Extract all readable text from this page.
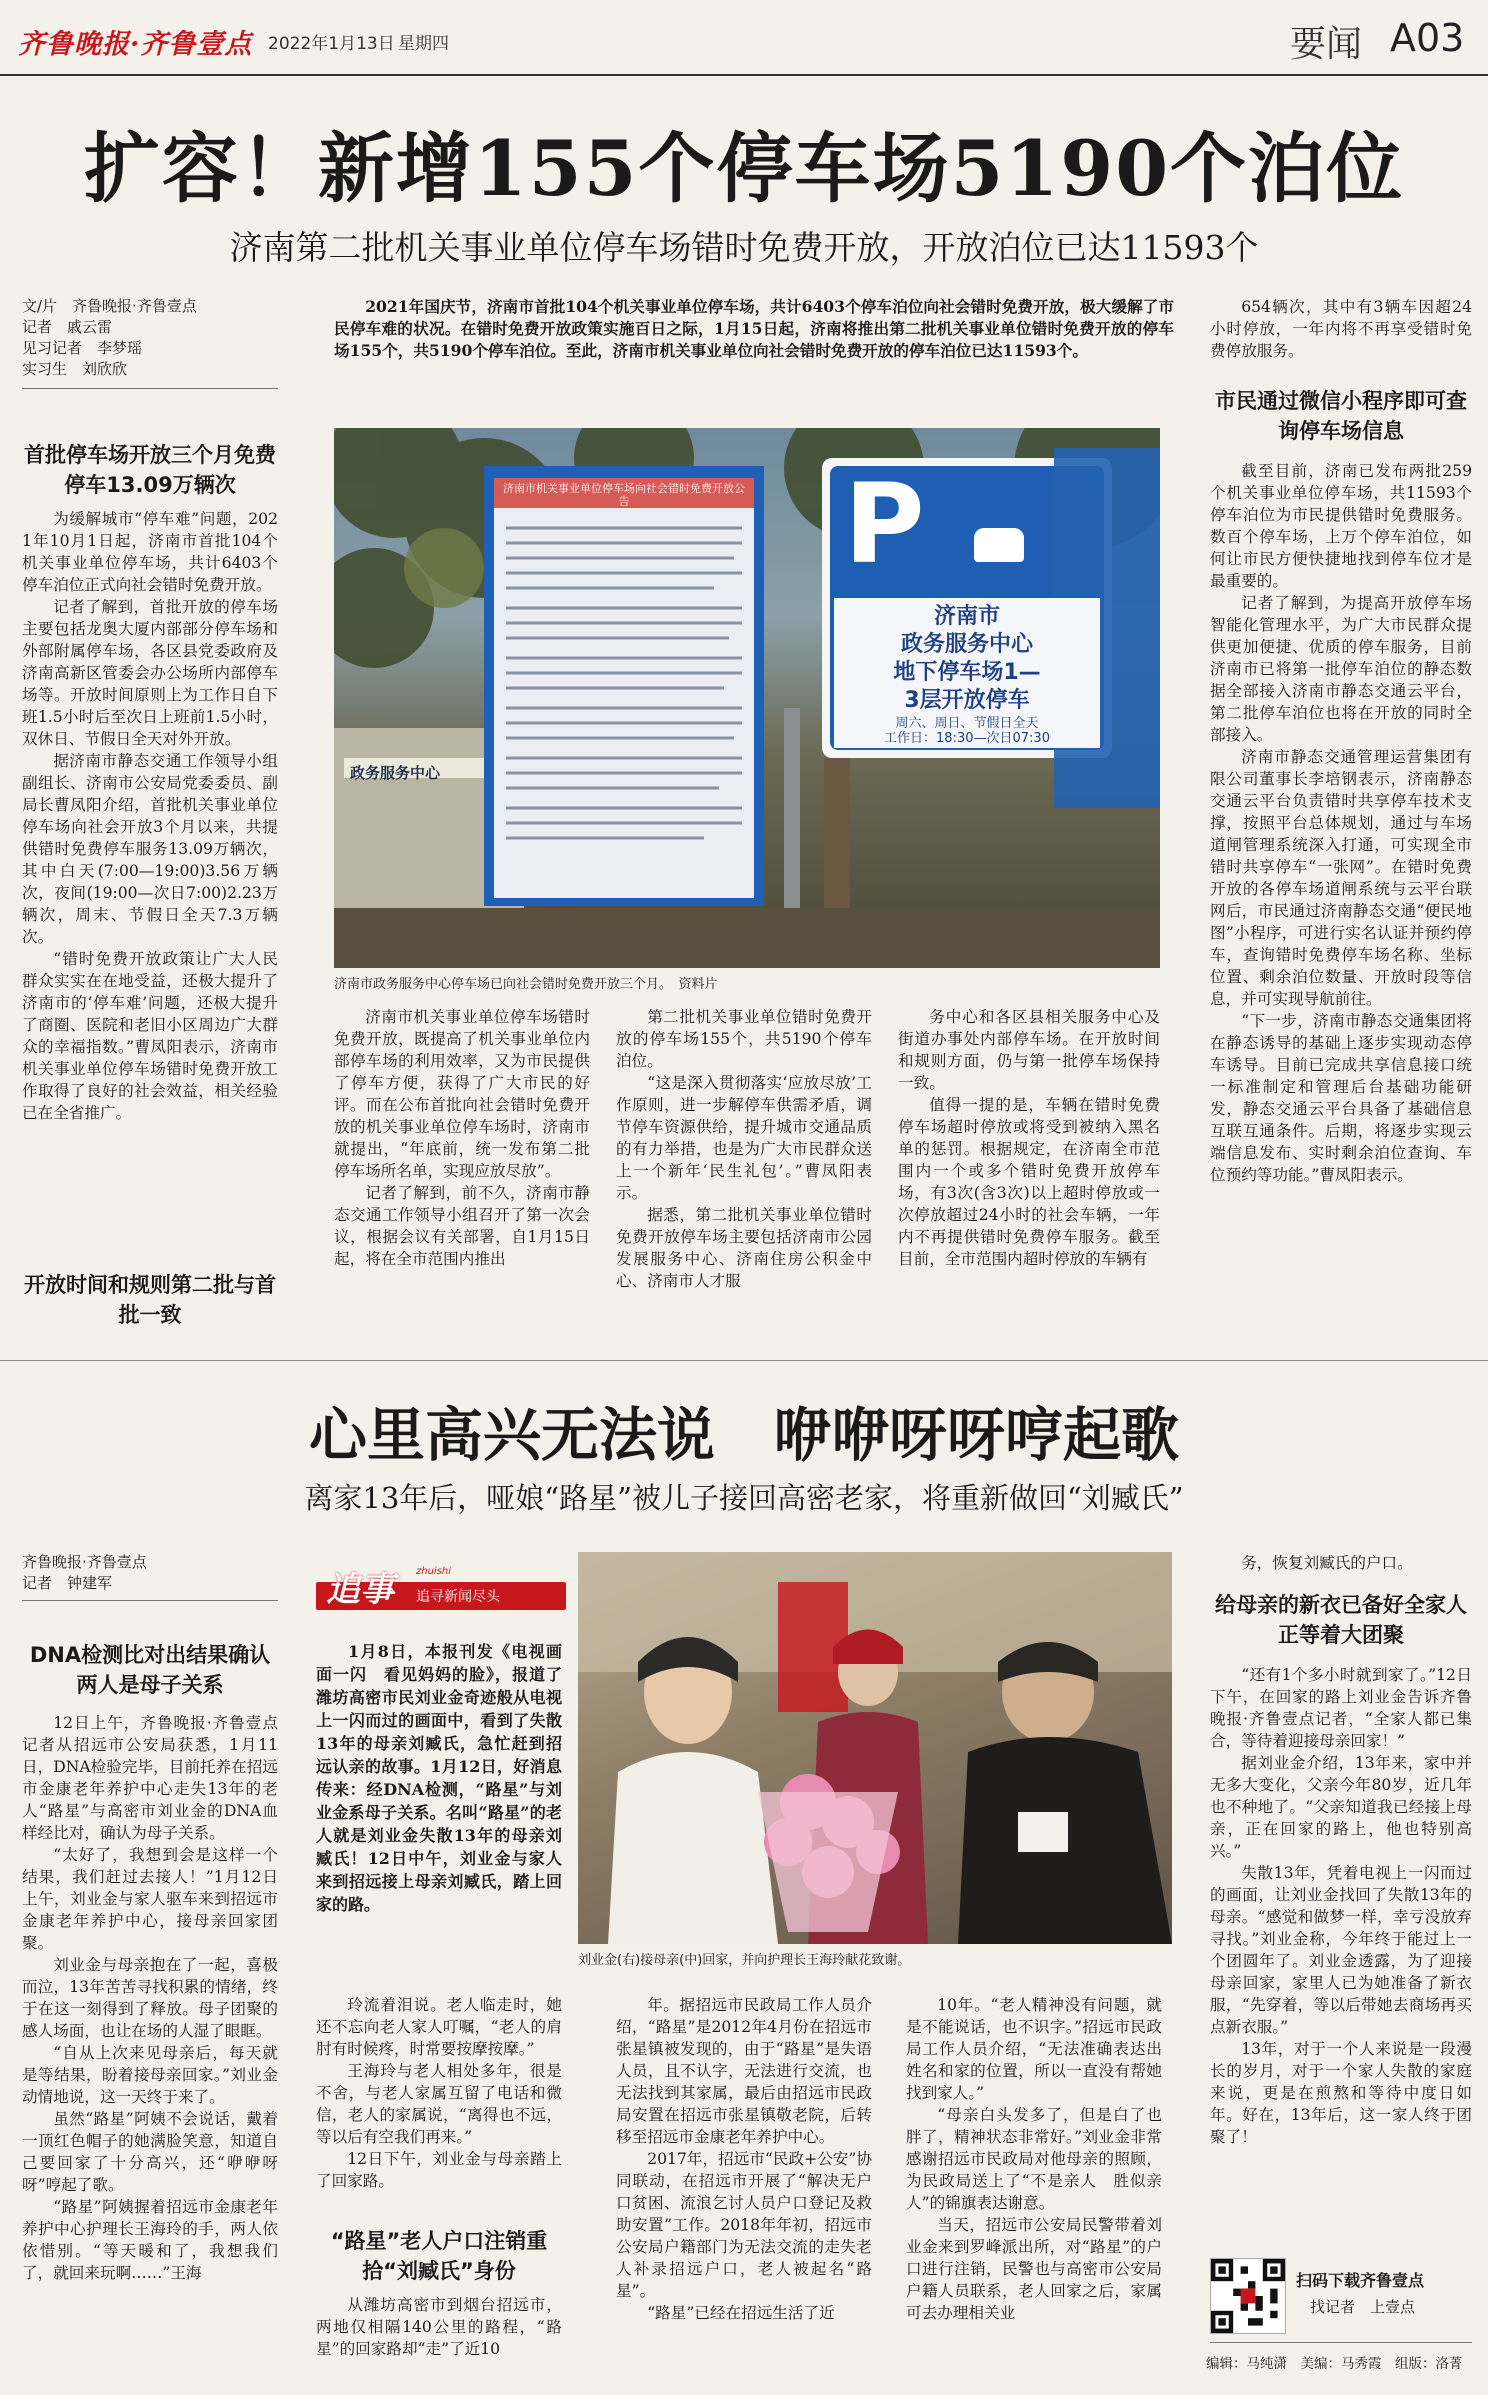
齐鲁晚报·齐鲁壹点 2022年1月13日 星期四	要闻 A03
扩容！新增155个停车场5190个泊位
济南第二批机关事业单位停车场错时免费开放，开放泊位已达11593个
文/片　齐鲁晚报·齐鲁壹点
记者　戚云雷
见习记者　李梦瑶
实习生　刘欣欣
2021年国庆节，济南市首批104个机关事业单位停车场，共计6403个停车泊位向社会错时免费开放，极大缓解了市民停车难的状况。在错时免费开放政策实施百日之际，1月15日起，济南将推出第二批机关事业单位错时免费开放的停车场155个，共5190个停车泊位。至此，济南市机关事业单位向社会错时免费开放的停车泊位已达11593个。
首批停车场开放三个月免费停车13.09万辆次

为缓解城市“停车难”问题，2021年10月1日起，济南市首批104个机关事业单位停车场，共计6403个停车泊位正式向社会错时免费开放。

记者了解到，首批开放的停车场主要包括龙奥大厦内部部分停车场和外部附属停车场，各区县党委政府及济南高新区管委会办公场所内部停车场等。开放时间原则上为工作日自下班1.5小时后至次日上班前1.5小时，双休日、节假日全天对外开放。

据济南市静态交通工作领导小组副组长、济南市公安局党委委员、副局长曹凤阳介绍，首批机关事业单位停车场向社会开放3个月以来，共提供错时免费停车服务13.09万辆次，其中白天(7:00—19:00)3.56万辆次，夜间(19:00—次日7:00)2.23万辆次，周末、节假日全天7.3万辆次。

“错时免费开放政策让广大人民群众实实在在地受益，还极大提升了济南市的‘停车难’问题，还极大提升了商圈、医院和老旧小区周边广大群众的幸福指数。”曹凤阳表示，济南市机关事业单位停车场错时免费开放工作取得了良好的社会效益，相关经验已在全省推广。

开放时间和规则第二批与首批一致
济南市机关事业单位停车场向社会错时免费开放公告	P
济南市
政务服务中心
地下停车场1—
3层开放停车
周六、周日、节假日全天
工作日：18:30—次日07:30
政务服务中心
济南市政务服务中心停车场已向社会错时免费开放三个月。　资料片

济南市机关事业单位停车场错时免费开放，既提高了机关事业单位内部停车场的利用效率，又为市民提供了停车方便，获得了广大市民的好评。而在公布首批向社会错时免费开放的机关事业单位停车场时，济南市就提出，“年底前，统一发布第二批停车场所名单，实现应放尽放”。

记者了解到，前不久，济南市静态交通工作领导小组召开了第一次会议，根据会议有关部署，自1月15日起，将在全市范围内推出

第二批机关事业单位错时免费开放的停车场155个，共5190个停车泊位。

“这是深入贯彻落实‘应放尽放’工作原则，进一步解停车供需矛盾，调节停车资源供给，提升城市交通品质的有力举措，也是为广大市民群众送上一个新年‘民生礼包’。”曹凤阳表示。

据悉，第二批机关事业单位错时免费开放停车场主要包括济南市公园发展服务中心、济南住房公积金中心、济南市人才服

务中心和各区县相关服务中心及街道办事处内部停车场。在开放时间和规则方面，仍与第一批停车场保持一致。

值得一提的是，车辆在错时免费停车场超时停放或将受到被纳入黑名单的惩罚。根据规定，在济南全市范围内一个或多个错时免费开放停车场，有3次(含3次)以上超时停放或一次停放超过24小时的社会车辆，一年内不再提供错时免费停车服务。截至目前，全市范围内超时停放的车辆有

654辆次，其中有3辆车因超24小时停放，一年内将不再享受错时免费停放服务。

市民通过微信小程序即可查询停车场信息

截至目前，济南已发布两批259个机关事业单位停车场，共11593个停车泊位为市民提供错时免费服务。数百个停车场，上万个停车泊位，如何让市民方便快捷地找到停车位才是最重要的。

记者了解到，为提高开放停车场智能化管理水平，为广大市民群众提供更加便捷、优质的停车服务，目前济南市已将第一批停车泊位的静态数据全部接入济南市静态交通云平台，第二批停车泊位也将在开放的同时全部接入。

济南市静态交通管理运营集团有限公司董事长李培钢表示，济南静态交通云平台负责错时共享停车技术支撑，按照平台总体规划，通过与车场道闸管理系统深入打通，可实现全市错时共享停车“一张网”。在错时免费开放的各停车场道闸系统与云平台联网后，市民通过济南静态交通“便民地图”小程序，可进行实名认证并预约停车，查询错时免费停车场名称、坐标位置、剩余泊位数量、开放时段等信息，并可实现导航前往。

“下一步，济南市静态交通集团将在静态诱导的基础上逐步实现动态停车诱导。目前已完成共享信息接口统一标准制定和管理后台基础功能研发，静态交通云平台具备了基础信息互联互通条件。后期，将逐步实现云端信息发布、实时剩余泊位查询、车位预约等功能。”曹凤阳表示。

心里高兴无法说　咿咿呀呀哼起歌
离家13年后，哑娘“路星”被儿子接回高密老家，将重新做回“刘臧氏”
齐鲁晚报·齐鲁壹点
记者　钟建军
DNA检测比对出结果确认两人是母子关系

12日上午，齐鲁晚报·齐鲁壹点记者从招远市公安局获悉，1月11日，DNA检验完毕，目前托养在招远市金康老年养护中心走失13年的老人“路星”与高密市刘业金的DNA血样经比对，确认为母子关系。

“太好了，我想到会是这样一个结果，我们赶过去接人！”1月12日上午，刘业金与家人驱车来到招远市金康老年养护中心，接母亲回家团聚。

刘业金与母亲抱在了一起，喜极而泣，13年苦苦寻找积累的情绪，终于在这一刻得到了释放。母子团聚的感人场面，也让在场的人湿了眼眶。

“自从上次来见母亲后，每天就是等结果，盼着接母亲回家。”刘业金动情地说，这一天终于来了。

虽然“路星”阿姨不会说话，戴着一顶红色帽子的她满脸笑意，知道自己要回家了十分高兴，还“咿咿呀呀”哼起了歌。

“路星”阿姨握着招远市金康老年养护中心护理长王海玲的手，两人依依惜别。“等天暖和了，我想我们了，就回来玩啊……”王海

追事 zhuishi
追寻新闻尽头
1月8日，本报刊发《电视画面一闪　看见妈妈的脸》，报道了潍坊高密市民刘业金奇迹般从电视上一闪而过的画面中，看到了失散13年的母亲刘臧氏，急忙赶到招远认亲的故事。1月12日，好消息传来：经DNA检测，“路星”与刘业金系母子关系。名叫“路星”的老人就是刘业金失散13年的母亲刘臧氏！12日中午，刘业金与家人来到招远接上母亲刘臧氏，踏上回家的路。
刘业金(右)接母亲(中)回家，并向护理长王海玲献花致谢。

玲流着泪说。老人临走时，她还不忘向老人家人叮嘱，“老人的肩肘有时候疼，时常要按摩按摩。”

王海玲与老人相处多年，很是不舍，与老人家属互留了电话和微信，老人的家属说，“离得也不远，等以后有空我们再来。”

12日下午，刘业金与母亲踏上了回家路。

“路星”老人户口注销重拾“刘臧氏”身份

从潍坊高密市到烟台招远市，两地仅相隔140公里的路程，“路星”的回家路却“走”了近10

年。据招远市民政局工作人员介绍，“路星”是2012年4月份在招远市张星镇被发现的，由于“路星”是失语人员，且不认字，无法进行交流，也无法找到其家属，最后由招远市民政局安置在招远市张星镇敬老院，后转移至招远市金康老年养护中心。

2017年，招远市“民政+公安”协同联动，在招远市开展了“解决无户口贫困、流浪乞讨人员户口登记及救助安置”工作。2018年年初，招远市公安局户籍部门为无法交流的走失老人补录招远户口，老人被起名“路星”。

“路星”已经在招远生活了近

10年。“老人精神没有问题，就是不能说话，也不识字。”招远市民政局工作人员介绍，“无法准确表达出姓名和家的位置，所以一直没有帮她找到家人。”

“母亲白头发多了，但是白了也胖了，精神状态非常好。”刘业金非常感谢招远市民政局对他母亲的照顾，为民政局送上了“不是亲人　胜似亲人”的锦旗表达谢意。

当天，招远市公安局民警带着刘业金来到罗峰派出所，对“路星”的户口进行注销，民警也与高密市公安局户籍人员联系，老人回家之后，家属可去办理相关业

务，恢复刘臧氏的户口。

给母亲的新衣已备好全家人正等着大团聚

“还有1个多小时就到家了。”12日下午，在回家的路上刘业金告诉齐鲁晚报·齐鲁壹点记者，“全家人都已集合，等待着迎接母亲回家！”

据刘业金介绍，13年来，家中并无多大变化，父亲今年80岁，近几年也不种地了。“父亲知道我已经接上母亲，正在回家的路上，他也特别高兴。”

失散13年，凭着电视上一闪而过的画面，让刘业金找回了失散13年的母亲。“感觉和做梦一样，幸亏没放弃寻找。”刘业金称，今年终于能过上一个团圆年了。刘业金透露，为了迎接母亲回家，家里人已为她准备了新衣服，“先穿着，等以后带她去商场再买点新衣服。”

13年，对于一个人来说是一段漫长的岁月，对于一个家人失散的家庭来说，更是在煎熬和等待中度日如年。好在，13年后，这一家人终于团聚了！

扫码下载齐鲁壹点
找记者　上壹点
编辑：马纯潇　美编：马秀霞　组版：洛菁
